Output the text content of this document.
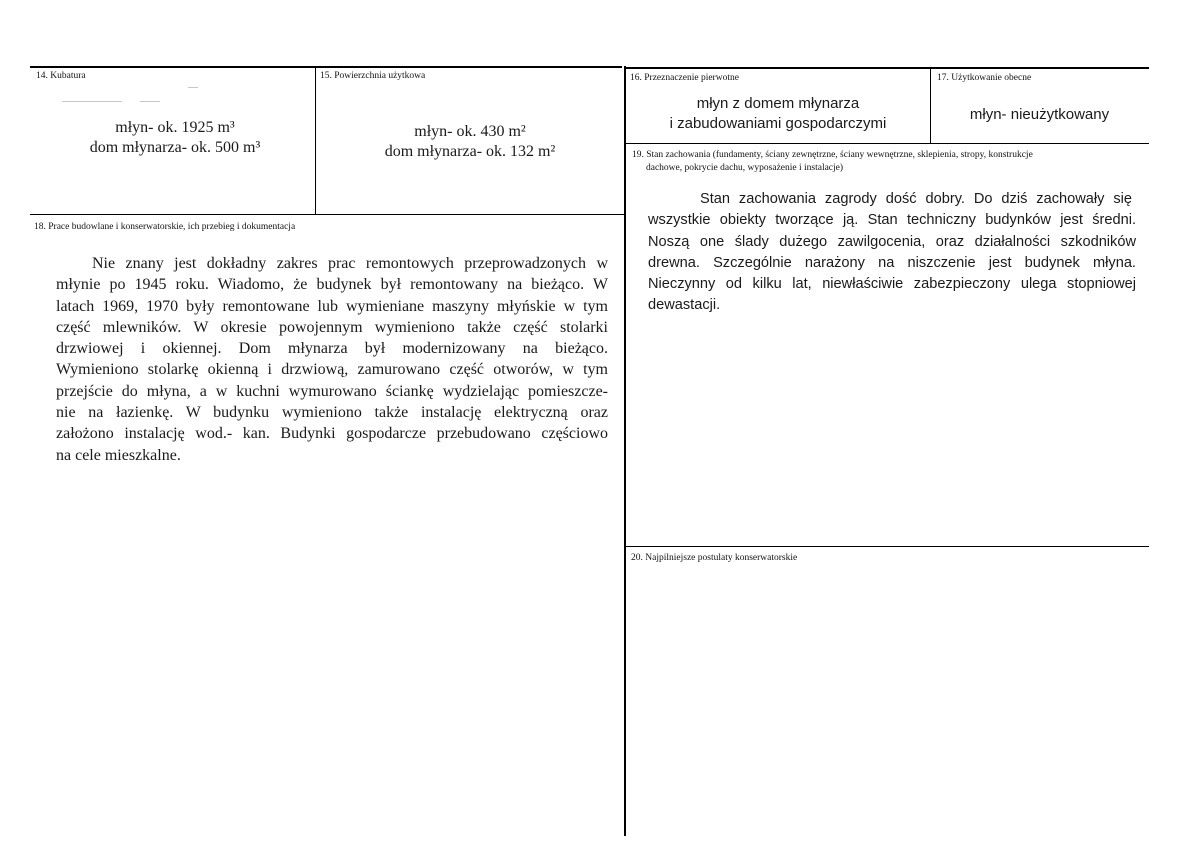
14. Kubatura
młyn- ok. 1925 m³
dom młynarza- ok. 500 m³
15. Powierzchnia użytkowa
młyn- ok. 430 m²
dom młynarza- ok. 132 m²
16. Przeznaczenie pierwotne
młyn z domem młynarza
i zabudowaniami gospodarczymi
17. Użytkowanie obecne
młyn- nieużytkowany
18. Prace budowlane i konserwatorskie, ich przebieg i dokumentacja
Nie znany jest dokładny zakres prac remontowych przeprowadzonych w
młynie po 1945 roku. Wiadomo, że budynek był remontowany na bieżąco. W
latach 1969, 1970 były remontowane lub wymieniane maszyny młyńskie w tym
część mlewników. W okresie powojennym wymieniono także część stolarki
drzwiowej i okiennej. Dom młynarza był modernizowany na bieżąco.
Wymieniono stolarkę okienną i drzwiową, zamurowano część otworów, w tym
przejście do młyna, a w kuchni wymurowano ściankę wydzielając pomieszcze-
nie na łazienkę. W budynku wymieniono także instalację elektryczną oraz
założono instalację wod.- kan. Budynki gospodarcze przebudowano częściowo
na cele mieszkalne.
19. Stan zachowania (fundamenty, ściany zewnętrzne, ściany wewnętrzne, sklepienia, stropy, konstrukcje
dachowe, pokrycie dachu, wyposażenie i instalacje)
Stan zachowania zagrody dość dobry. Do dziś zachowały się
wszystkie obiekty tworzące ją. Stan techniczny budynków jest średni.
Noszą one ślady dużego zawilgocenia, oraz działalności szkodników
drewna. Szczególnie narażony na niszczenie jest budynek młyna.
Nieczynny od kilku lat, niewłaściwie zabezpieczony ulega stopniowej
dewastacji.
20. Najpilniejsze postulaty konserwatorskie
